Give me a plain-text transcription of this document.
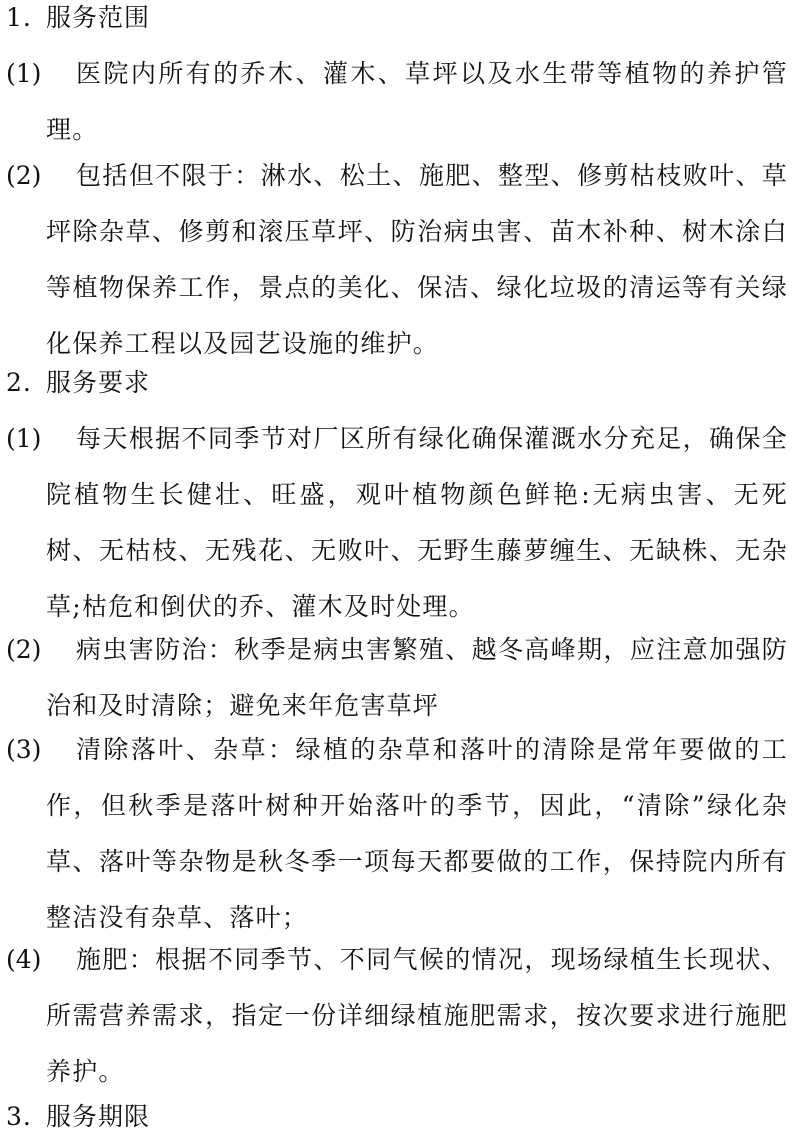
1. 服务范围
(1)	医院内所有的乔木、灌木、草坪以及水生带等植物的养护管理。
(2)	包括但不限于：淋水、松土、施肥、整型、修剪枯枝败叶、草坪除杂草、修剪和滚压草坪、防治病虫害、苗木补种、树木涂白等植物保养工作，景点的美化、保洁、绿化垃圾的清运等有关绿化保养工程以及园艺设施的维护。
2. 服务要求
(1)	每天根据不同季节对厂区所有绿化确保灌溉水分充足，确保全院植物生长健壮、旺盛，观叶植物颜色鲜艳:无病虫害、无死树、无枯枝、无残花、无败叶、无野生藤萝缠生、无缺株、无杂草;枯危和倒伏的乔、灌木及时处理。
(2)	病虫害防治：秋季是病虫害繁殖、越冬高峰期，应注意加强防治和及时清除；避免来年危害草坪
(3)	清除落叶、杂草：绿植的杂草和落叶的清除是常年要做的工作，但秋季是落叶树种开始落叶的季节，因此，“清除”绿化杂草、落叶等杂物是秋冬季一项每天都要做的工作，保持院内所有整洁没有杂草、落叶；
(4)	施肥：根据不同季节、不同气候的情况，现场绿植生长现状、所需营养需求，指定一份详细绿植施肥需求，按次要求进行施肥养护。
3. 服务期限
